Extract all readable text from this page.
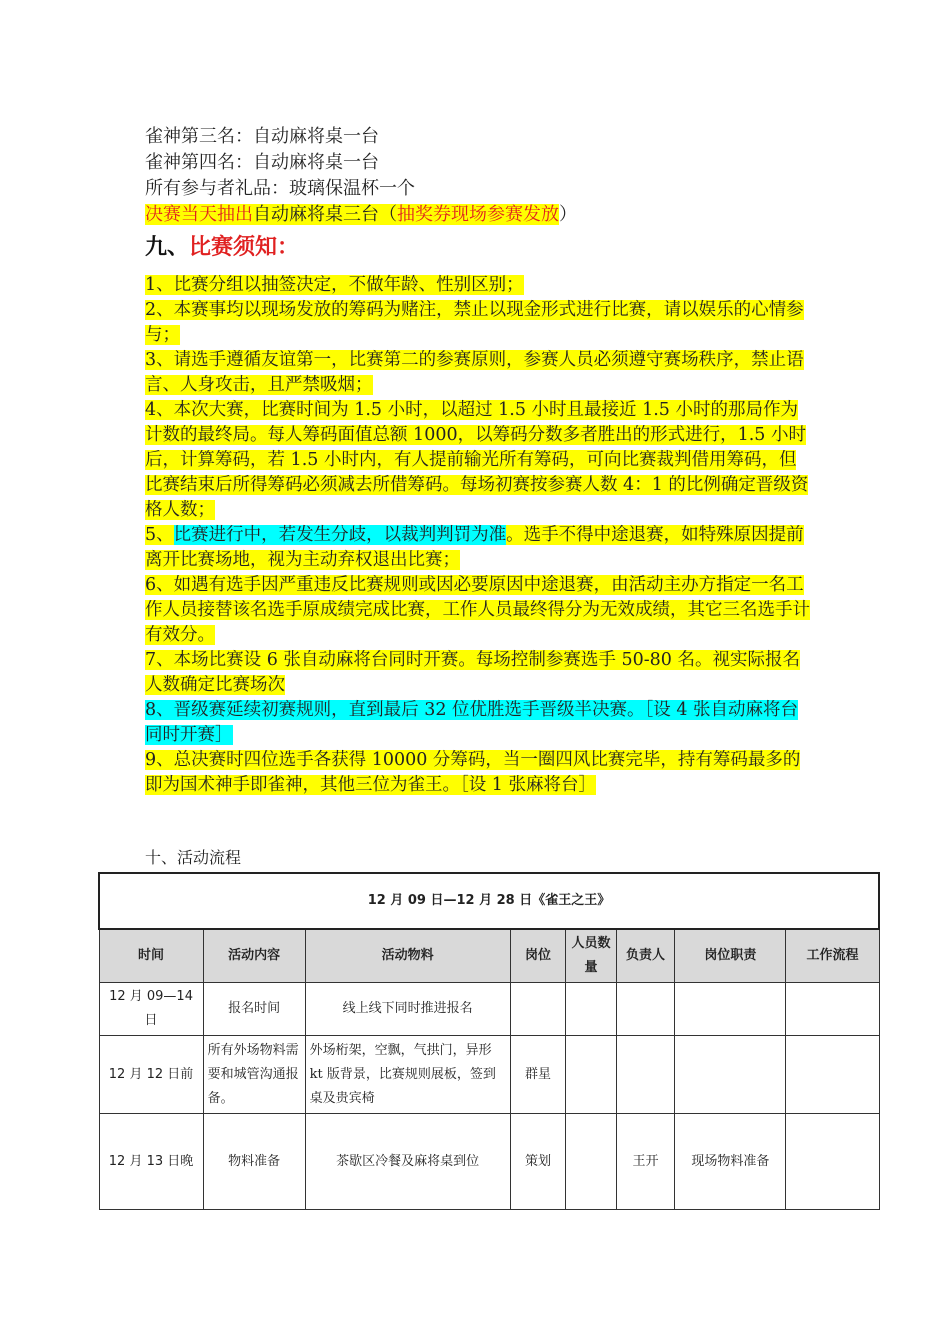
雀神第三名：自动麻将桌一台
雀神第四名：自动麻将桌一台
所有参与者礼品：玻璃保温杯一个
决赛当天抽出自动麻将桌三台（抽奖券现场参赛发放）
九、比赛须知：

1、比赛分组以抽签决定，不做年龄、性别区别；

2、本赛事均以现场发放的筹码为赌注，禁止以现金形式进行比赛，请以娱乐的心情参与；

3、请选手遵循友谊第一，比赛第二的参赛原则，参赛人员必须遵守赛场秩序，禁止语言、人身攻击，且严禁吸烟；

4、本次大赛，比赛时间为 1.5 小时，以超过 1.5 小时且最接近 1.5 小时的那局作为计数的最终局。每人筹码面值总额 1000，以筹码分数多者胜出的形式进行，1.5 小时后，计算筹码，若 1.5 小时内，有人提前输光所有筹码，可向比赛裁判借用筹码，但比赛结束后所得筹码必须减去所借筹码。每场初赛按参赛人数 4：1 的比例确定晋级资格人数；

5、比赛进行中，若发生分歧，以裁判判罚为准。选手不得中途退赛，如特殊原因提前离开比赛场地，视为主动弃权退出比赛；

6、如遇有选手因严重违反比赛规则或因必要原因中途退赛，由活动主办方指定一名工作人员接替该名选手原成绩完成比赛，工作人员最终得分为无效成绩，其它三名选手计有效分。

7、本场比赛设 6 张自动麻将台同时开赛。每场控制参赛选手 50-80 名。视实际报名人数确定比赛场次

8、晋级赛延续初赛规则，直到最后 32 位优胜选手晋级半决赛。［设 4 张自动麻将台同时开赛］

9、总决赛时四位选手各获得 10000 分筹码，当一圈四风比赛完毕，持有筹码最多的即为国术神手即雀神，其他三位为雀王。［设 1 张麻将台］

十、活动流程
12 月 09 日—12 月 28 日《雀王之王》							
时间	活动内容	活动物料	岗位	人员数量	负责人	岗位职责	工作流程
12 月 09—14 日	报名时间	线上线下同时推进报名					
12 月 12 日前	所有外场物料需要和城管沟通报备。	外场桁架，空飘，气拱门，异形 kt 版背景，比赛规则展板，签到桌及贵宾椅	群星				
12 月 13 日晚	物料准备	茶歇区冷餐及麻将桌到位	策划		王开	现场物料准备	
